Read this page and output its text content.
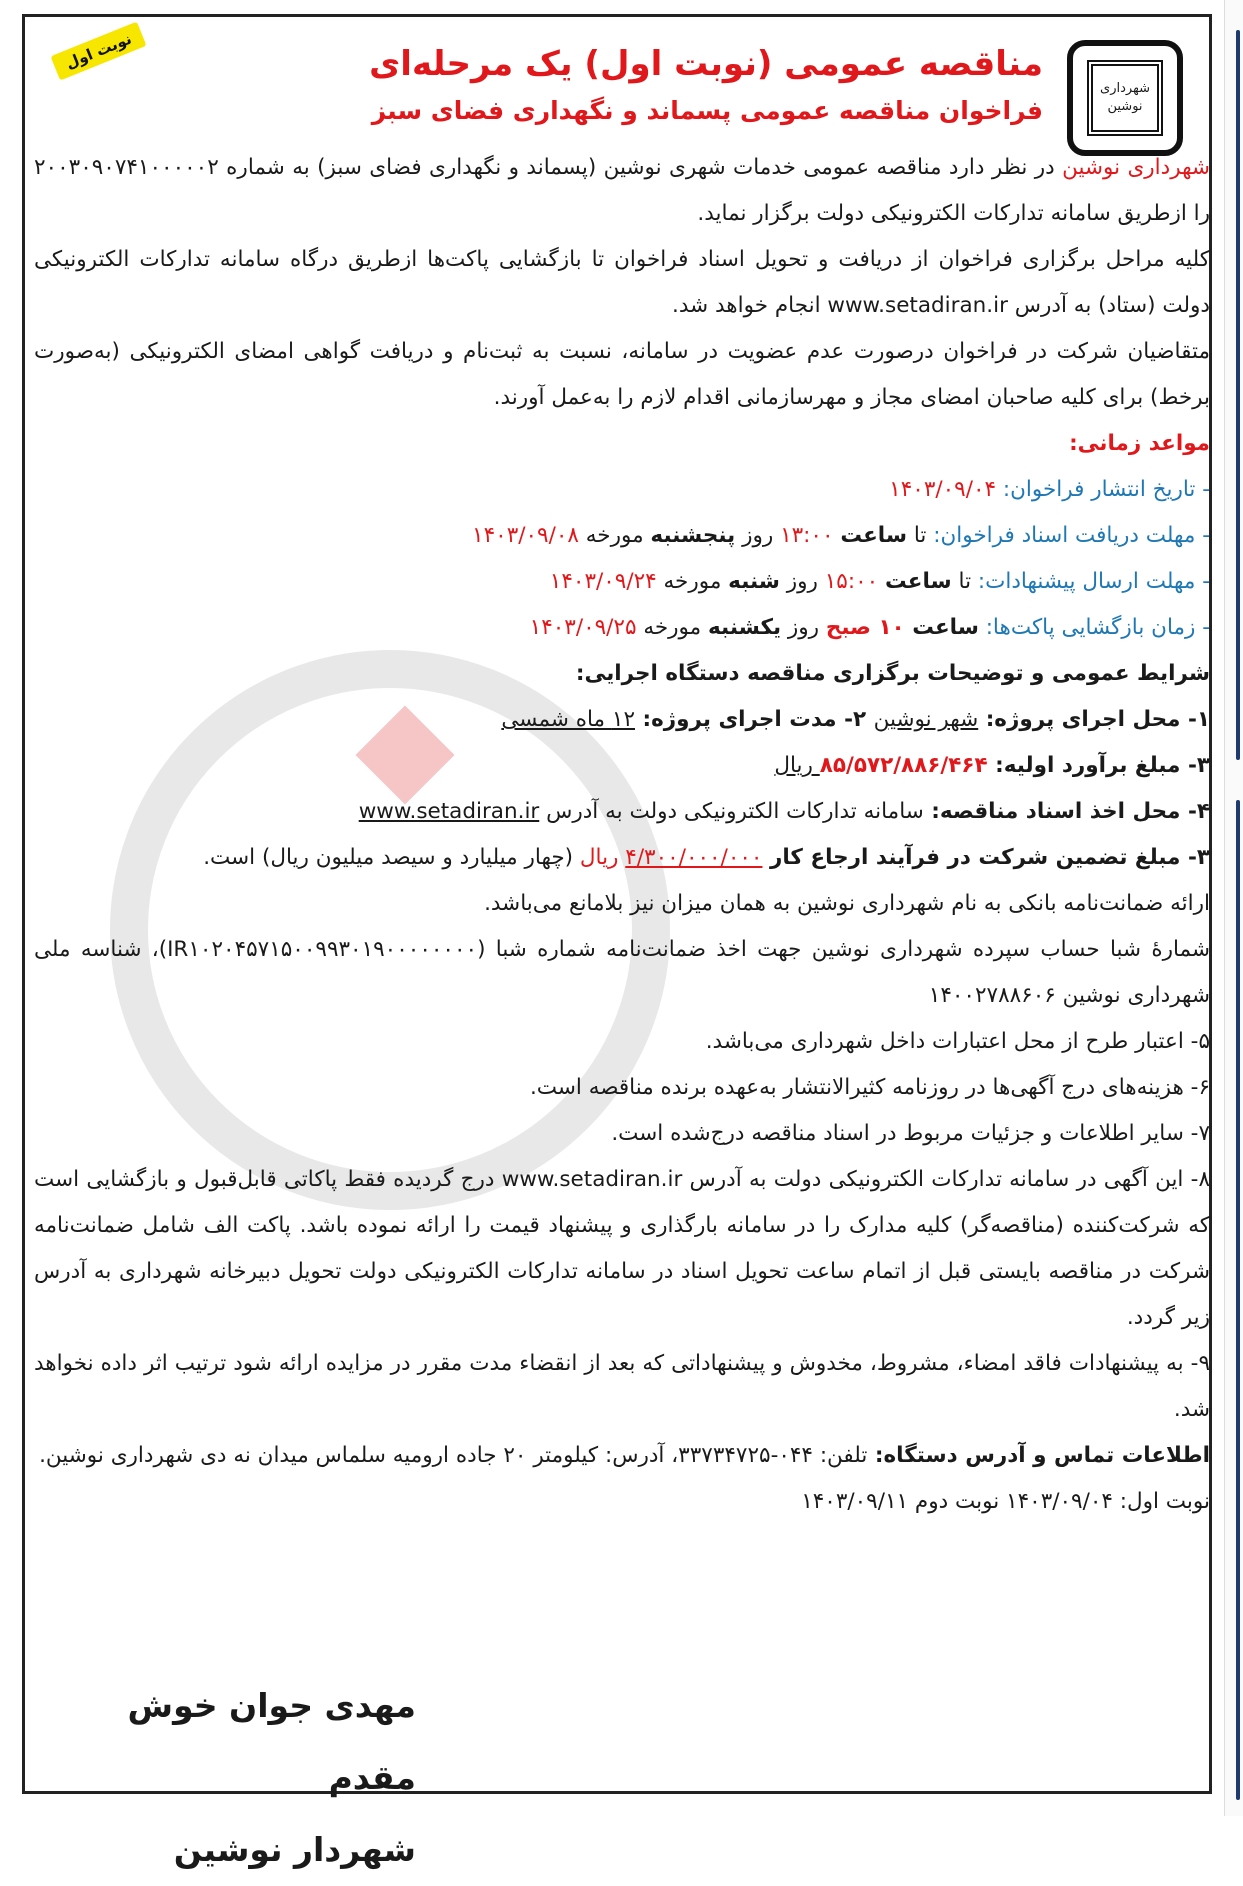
نوبت اول
شهرداری
نوشین
مناقصه عمومی (نوبت اول) یک مرحله‌ای
فراخوان مناقصه عمومی پسماند و نگهداری فضای سبز

شهرداری نوشین در نظر دارد مناقصه عمومی خدمات شهری نوشین (پسماند و نگهداری فضای سبز) به شماره ۲۰۰۳۰۹۰۷۴۱۰۰۰۰۰۲ را ازطریق سامانه تدارکات الکترونیکی دولت برگزار نماید.

کلیه مراحل برگزاری فراخوان از دریافت و تحویل اسناد فراخوان تا بازگشایی پاکت‌ها ازطریق درگاه سامانه تدارکات الکترونیکی دولت (ستاد) به آدرس www.setadiran.ir انجام خواهد شد.

متقاضیان شرکت در فراخوان درصورت عدم عضویت در سامانه، نسبت به ثبت‌نام و دریافت گواهی امضای الکترونیکی (به‌صورت برخط) برای کلیه صاحبان امضای مجاز و مهرسازمانی اقدام لازم را به‌عمل آورند.

مواعد زمانی:

- تاریخ انتشار فراخوان: ۱۴۰۳/۰۹/۰۴

- مهلت دریافت اسناد فراخوان: تا ساعت ۱۳:۰۰ روز پنجشنبه مورخه ۱۴۰۳/۰۹/۰۸

- مهلت ارسال پیشنهادات: تا ساعت ۱۵:۰۰ روز شنبه مورخه ۱۴۰۳/۰۹/۲۴

- زمان بازگشایی پاکت‌ها: ساعت ۱۰ صبح روز یکشنبه مورخه ۱۴۰۳/۰۹/۲۵

شرایط عمومی و توضیحات برگزاری مناقصه دستگاه اجرایی:

۱- محل اجرای پروژه: شهر نوشین ۲- مدت اجرای پروژه: ۱۲ ماه شمسی

۳- مبلغ برآورد اولیه: ۸۵/۵۷۲/۸۸۶/۴۶۴ ریال

۴- محل اخذ اسناد مناقصه: سامانه تدارکات الکترونیکی دولت به آدرس www.setadiran.ir

۳- مبلغ تضمین شرکت در فرآیند ارجاع کار ۴/۳۰۰/۰۰۰/۰۰۰ ریال (چهار میلیارد و سیصد میلیون ریال) است.

ارائه ضمانت‌نامه بانکی به نام شهرداری نوشین به همان میزان نیز بلامانع می‌باشد.

شمارهٔ شبا حساب سپرده شهرداری نوشین جهت اخذ ضمانت‌نامه شماره شبا (IR۱۰۲۰۴۵۷۱۵۰۰۹۹۳۰۱۹۰۰۰۰۰۰۰۰)، شناسه ملی شهرداری نوشین ۱۴۰۰۲۷۸۸۶۰۶

۵- اعتبار طرح از محل اعتبارات داخل شهرداری می‌باشد.

۶- هزینه‌های درج آگهی‌ها در روزنامه کثیرالانتشار به‌عهده برنده مناقصه است.

۷- سایر اطلاعات و جزئیات مربوط در اسناد مناقصه درج‌شده است.

۸- این آگهی در سامانه تدارکات الکترونیکی دولت به آدرس www.setadiran.ir درج گردیده فقط پاکاتی قابل‌قبول و بازگشایی است که شرکت‌کننده (مناقصه‌گر) کلیه مدارک را در سامانه بارگذاری و پیشنهاد قیمت را ارائه نموده باشد. پاکت الف شامل ضمانت‌نامه شرکت در مناقصه بایستی قبل از اتمام ساعت تحویل اسناد در سامانه تدارکات الکترونیکی دولت تحویل دبیرخانه شهرداری به آدرس زیر گردد.

۹- به پیشنهادات فاقد امضاء، مشروط، مخدوش و پیشنهاداتی که بعد از انقضاء مدت مقرر در مزایده ارائه شود ترتیب اثر داده نخواهد شد.

اطلاعات تماس و آدرس دستگاه: تلفن: ۰۴۴-۳۳۷۳۴۷۲۵، آدرس: کیلومتر ۲۰ جاده ارومیه سلماس میدان نه دی شهرداری نوشین.

نوبت اول: ۱۴۰۳/۰۹/۰۴ نوبت دوم ۱۴۰۳/۰۹/۱۱

مهدی جوان خوش مقدم
شهردار نوشین
